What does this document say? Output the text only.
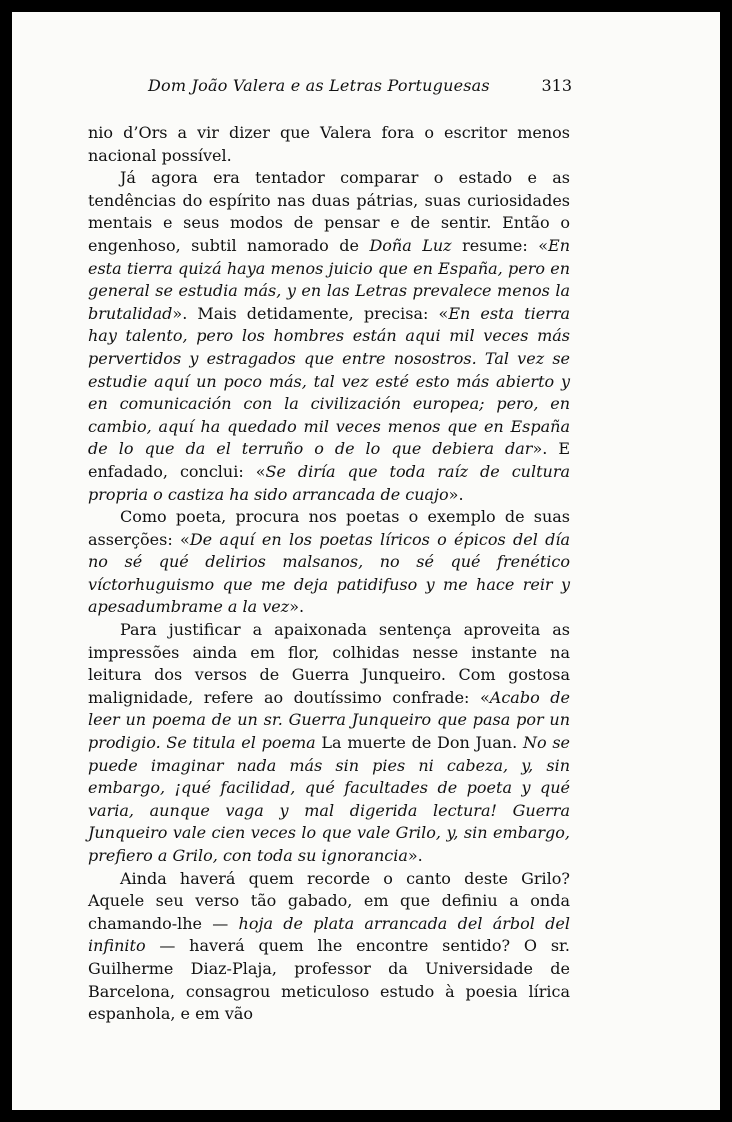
Dom João Valera e as Letras Portuguesas	313

nio d’Ors a vir dizer que Valera fora o escritor menos nacional possível.

Já agora era tentador comparar o estado e as tendências do espírito nas duas pátrias, suas curiosidades mentais e seus modos de pensar e de sentir. Então o engenhoso, subtil namorado de Doña Luz resume: «En esta tierra quizá haya menos juicio que en España, pero en general se estudia más, y en las Letras prevalece menos la brutalidad». Mais detidamente, precisa: «En esta tierra hay talento, pero los hombres están aqui mil veces más pervertidos y estragados que entre nosostros. Tal vez se estudie aquí un poco más, tal vez esté esto más abierto y en comunicación con la civilización europea; pero, en cambio, aquí ha quedado mil veces menos que en España de lo que da el terruño o de lo que debiera dar». E enfadado, conclui: «Se diría que toda raíz de cultura propria o castiza ha sido arrancada de cuajo».

Como poeta, procura nos poetas o exemplo de suas asserções: «De aquí en los poetas líricos o épicos del día no sé qué delirios malsanos, no sé qué frenético víctorhuguismo que me deja patidifuso y me hace reir y apesadumbrame a la vez».

Para justificar a apaixonada sentença aproveita as impressões ainda em flor, colhidas nesse instante na leitura dos versos de Guerra Junqueiro. Com gostosa malignidade, refere ao doutíssimo confrade: «Acabo de leer un poema de un sr. Guerra Junqueiro que pasa por un prodigio. Se titula el poema La muerte de Don Juan. No se puede imaginar nada más sin pies ni cabeza, y, sin embargo, ¡qué facilidad, qué facultades de poeta y qué varia, aunque vaga y mal digerida lectura! Guerra Junqueiro vale cien veces lo que vale Grilo, y, sin embargo, prefiero a Grilo, con toda su ignorancia».

Ainda haverá quem recorde o canto deste Grilo? Aquele seu verso tão gabado, em que definiu a onda chamando-lhe — hoja de plata arrancada del árbol del infinito — haverá quem lhe encontre sentido? O sr. Guilherme Diaz-Plaja, professor da Universidade de Barcelona, consagrou meticuloso estudo à poesia lírica espanhola, e em vão
